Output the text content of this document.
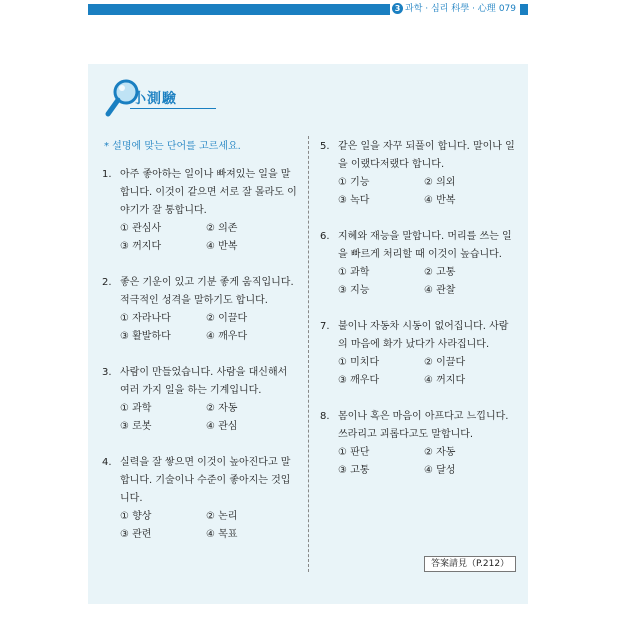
3 과학 · 심리 科學 · 心理 079
小測驗
* 설명에 맞는 단어를 고르세요.
1. 아주 좋아하는 일이나 빠져있는 일을 말
합니다. 이것이 같으면 서로 잘 몰라도 이
야기가 잘 통합니다.
① 관심사	② 의존
③ 꺼지다	④ 반복
2. 좋은 기운이 있고 기분 좋게 움직입니다.
적극적인 성격을 말하기도 합니다.
① 자라나다	② 이끌다
③ 활발하다	④ 깨우다
3. 사람이 만들었습니다. 사람을 대신해서
여러 가지 일을 하는 기계입니다.
① 과학	② 자동
③ 로봇	④ 관심
4. 실력을 잘 쌓으면 이것이 높아진다고 말
합니다. 기술이나 수준이 좋아지는 것입
니다.
① 향상	② 논리
③ 관련	④ 목표
5. 같은 일을 자꾸 되풀이 합니다. 말이나 일
을 이랬다저랬다 합니다.
① 기능	② 의외
③ 녹다	④ 반복
6. 지혜와 재능을 말합니다. 머리를 쓰는 일
을 빠르게 처리할 때 이것이 높습니다.
① 과학	② 고통
③ 지능	④ 관찰
7. 불이나 자동차 시동이 없어집니다. 사람
의 마음에 화가 났다가 사라집니다.
① 미치다	② 이끌다
③ 깨우다	④ 꺼지다
8. 몸이나 혹은 마음이 아프다고 느낍니다.
쓰라리고 괴롭다고도 말합니다.
① 판단	② 자동
③ 고통	④ 달성
答案請見（P.212）
